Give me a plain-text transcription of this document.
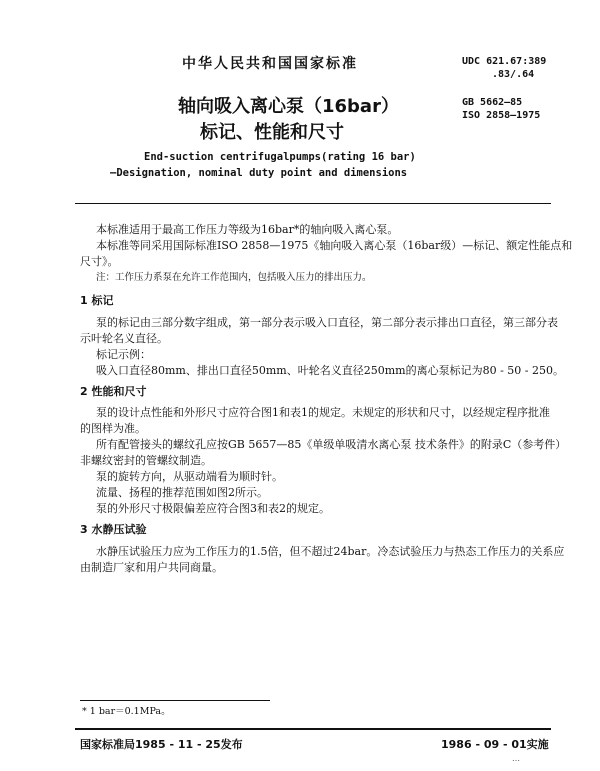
中华人民共和国国家标准	UDC 621.67:389
.83/.64
GB 5662—85
ISO 2858—1975
轴向吸入离心泵（16bar）
标记、性能和尺寸
End-suction centrifugalpumps(rating 16 bar)
—Designation, nominal duty point and dimensions
本标准适用于最高工作压力等级为16bar*的轴向吸入离心泵。
本标准等同采用国际标准ISO 2858—1975《轴向吸入离心泵（16bar级）—标记、额定性能点和
尺寸》。
注：工作压力系泵在允许工作范围内，包括吸入压力的排出压力。
1 标记
泵的标记由三部分数字组成，第一部分表示吸入口直径，第二部分表示排出口直径，第三部分表
示叶轮名义直径。
标记示例：
吸入口直径80mm、排出口直径50mm、叶轮名义直径250mm的离心泵标记为80 - 50 - 250。
2 性能和尺寸
泵的设计点性能和外形尺寸应符合图1和表1的规定。未规定的形状和尺寸，以经规定程序批准
的图样为准。
所有配管接头的螺纹孔应按GB 5657—85《单级单吸清水离心泵 技术条件》的附录C（参考件）
非螺纹密封的管螺纹制造。
泵的旋转方向，从驱动端看为顺时针。
流量、扬程的推荐范围如图2所示。
泵的外形尺寸极限偏差应符合图3和表2的规定。
3 水静压试验
水静压试验压力应为工作压力的1.5倍，但不超过24bar。冷态试验压力与热态工作压力的关系应
由制造厂家和用户共同商量。
* 1 bar＝0.1MPa。
国家标准局1985 - 11 - 25发布	1986 - 09 - 01实施
…
